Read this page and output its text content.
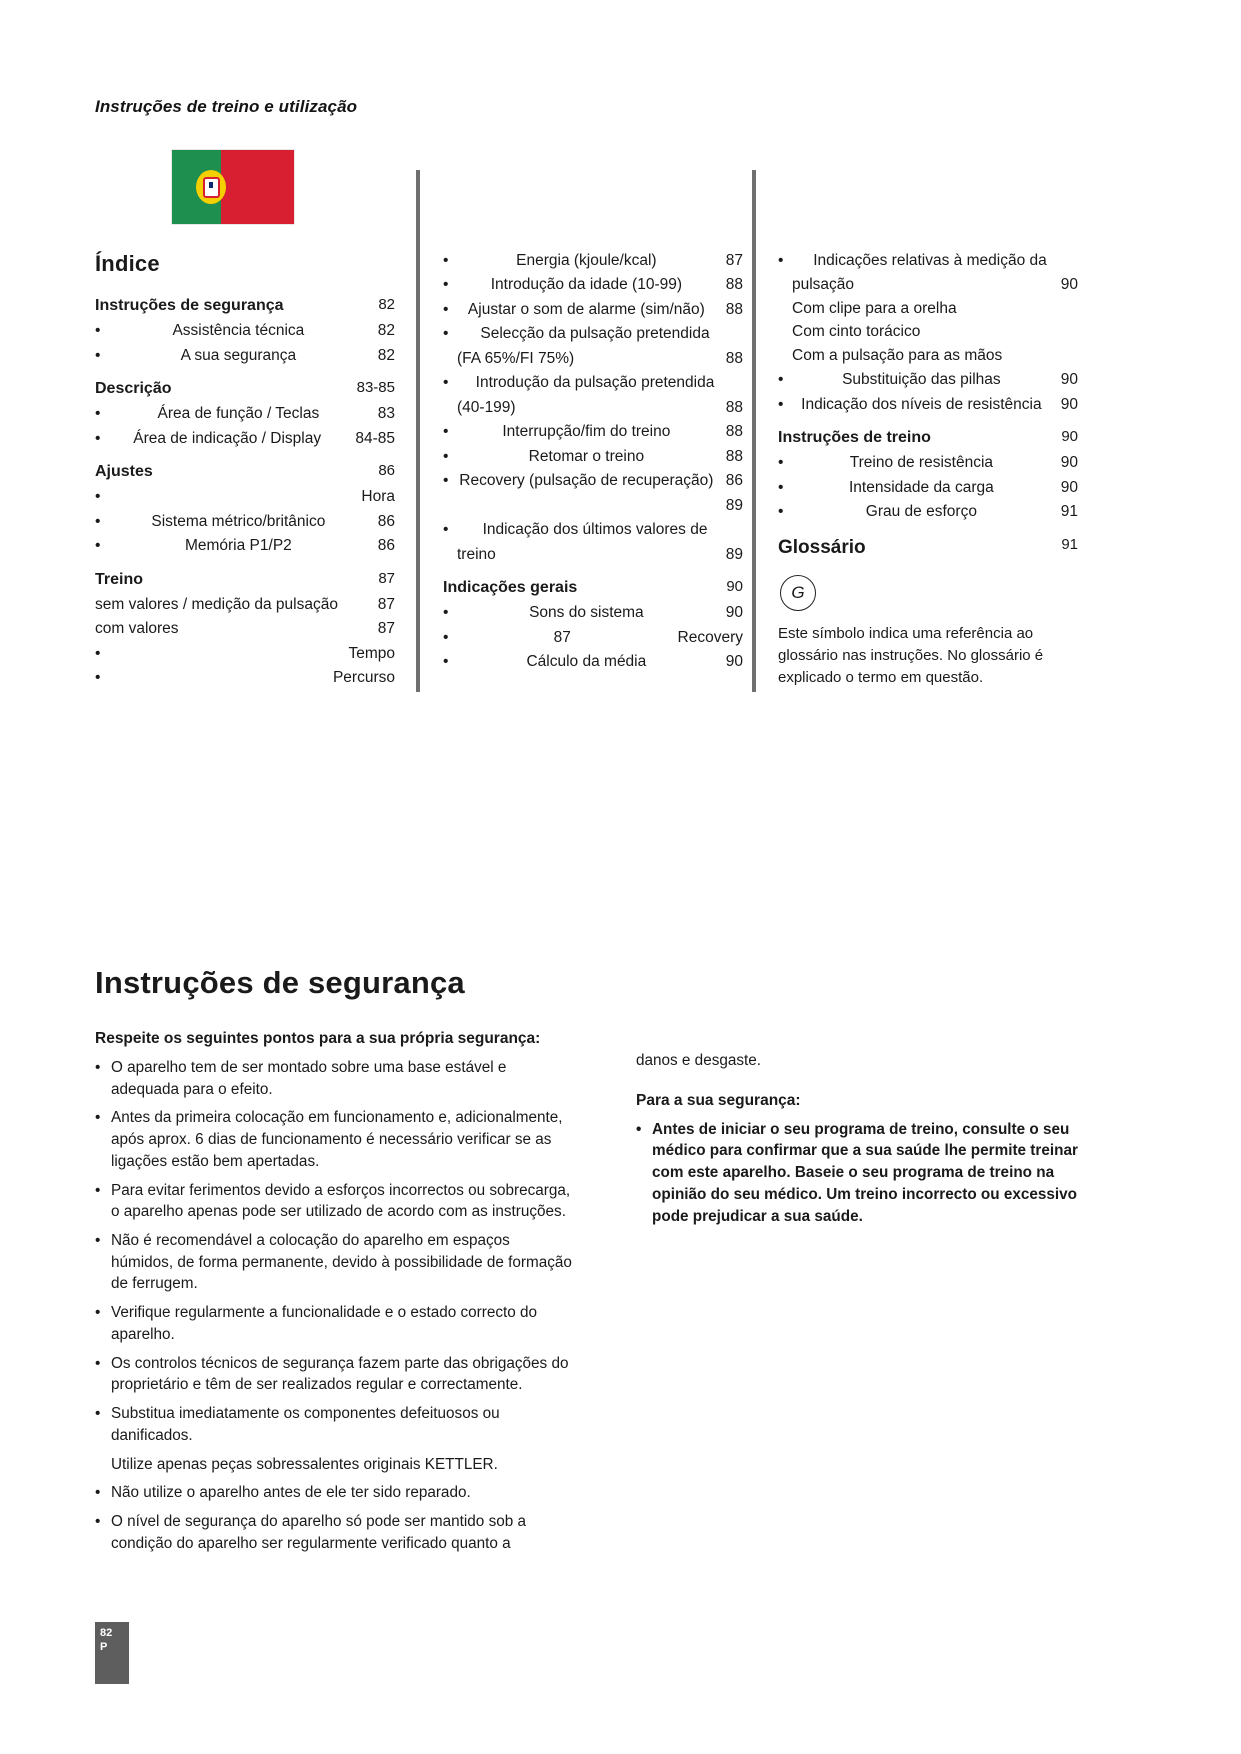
Instruções de treino e utilização
Índice
Instruções de segurança	82
• Assistência técnica	82
• A sua segurança	82
Descrição	83-85
• Área de função / Teclas	83
• Área de indicação / Display	84-85
Ajustes	86
• Hora
• Sistema métrico/britânico	86
• Memória P1/P2	86
Treino	87
sem valores / medição da pulsação	87
com valores	87
• Tempo
• Percurso
• Energia (kjoule/kcal)	87
• Introdução da idade (10-99)	88
• Ajustar o som de alarme (sim/não)	88
• Selecção da pulsação pretendida
(FA 65%/FI 75%)	88
• Introdução da pulsação pretendida
(40-199)	88
• Interrupção/fim do treino	88
• Retomar o treino	88
• Recovery (pulsação de recuperação) 86
89
• Indicação dos últimos valores de
treino	89
Indicações gerais	90
• Sons do sistema	90
• 87	Recovery
• Cálculo da média	90
• Indicações relativas à medição da
pulsação	90
Com clipe para a orelha
Com cinto torácico
Com a pulsação para as mãos
• Substituição das pilhas	90
• Indicação dos níveis de resistência	90
Instruções de treino	90
• Treino de resistência	90
• Intensidade da carga	90
• Grau de esforço	91
Glossário	91
G
Este símbolo indica uma referência ao glossário nas instruções. No glossário é explicado o termo em questão.
Instruções de segurança
Respeite os seguintes pontos para a sua própria segurança:
• O aparelho tem de ser montado sobre uma base estável e adequada para o efeito.
• Antes da primeira colocação em funcionamento e, adicionalmente, após aprox. 6 dias de funcionamento é necessário verificar se as ligações estão bem apertadas.
• Para evitar ferimentos devido a esforços incorrectos ou sobrecarga, o aparelho apenas pode ser utilizado de acordo com as instruções.
• Não é recomendável a colocação do aparelho em espaços húmidos, de forma permanente, devido à possibilidade de formação de ferrugem.
• Verifique regularmente a funcionalidade e o estado correcto do aparelho.
• Os controlos técnicos de segurança fazem parte das obrigações do proprietário e têm de ser realizados regular e correctamente.
• Substitua imediatamente os componentes defeituosos ou danificados.
Utilize apenas peças sobressalentes originais KETTLER.
• Não utilize o aparelho antes de ele ter sido reparado.
• O nível de segurança do aparelho só pode ser mantido sob a condição do aparelho ser regularmente verificado quanto a
danos e desgaste.
Para a sua segurança:
• Antes de iniciar o seu programa de treino, consulte o seu médico para confirmar que a sua saúde lhe permite treinar com este aparelho. Baseie o seu programa de treino na opinião do seu médico. Um treino incorrecto ou excessivo pode prejudicar a sua saúde.
82
P
